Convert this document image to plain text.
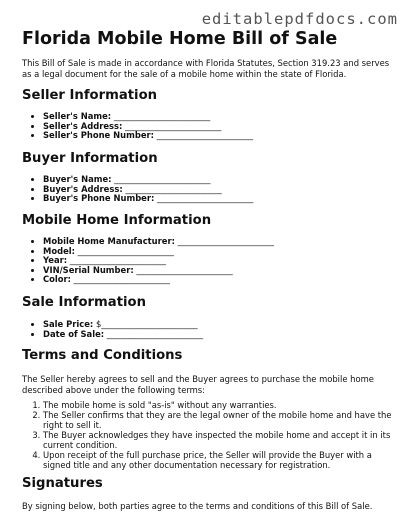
editablepdfdocs.com
Florida Mobile Home Bill of Sale

This Bill of Sale is made in accordance with Florida Statutes, Section 319.23 and serves as a legal document for the sale of a mobile home within the state of Florida.

Seller Information
• Seller's Name: _______________________
• Seller's Address: _______________________
• Seller's Phone Number: _______________________
Buyer Information
• Buyer's Name: _______________________
• Buyer's Address: _______________________
• Buyer's Phone Number: _______________________
Mobile Home Information
• Mobile Home Manufacturer: _______________________
• Model: _______________________
• Year: _______________________
• VIN/Serial Number: _______________________
• Color: _______________________
Sale Information
• Sale Price: $_______________________
• Date of Sale: _______________________
Terms and Conditions

The Seller hereby agrees to sell and the Buyer agrees to purchase the mobile home described above under the following terms:

1. The mobile home is sold "as-is" without any warranties.
2. The Seller confirms that they are the legal owner of the mobile home and have the right to sell it.
3. The Buyer acknowledges they have inspected the mobile home and accept it in its current condition.
4. Upon receipt of the full purchase price, the Seller will provide the Buyer with a signed title and any other documentation necessary for registration.
Signatures

By signing below, both parties agree to the terms and conditions of this Bill of Sale.
